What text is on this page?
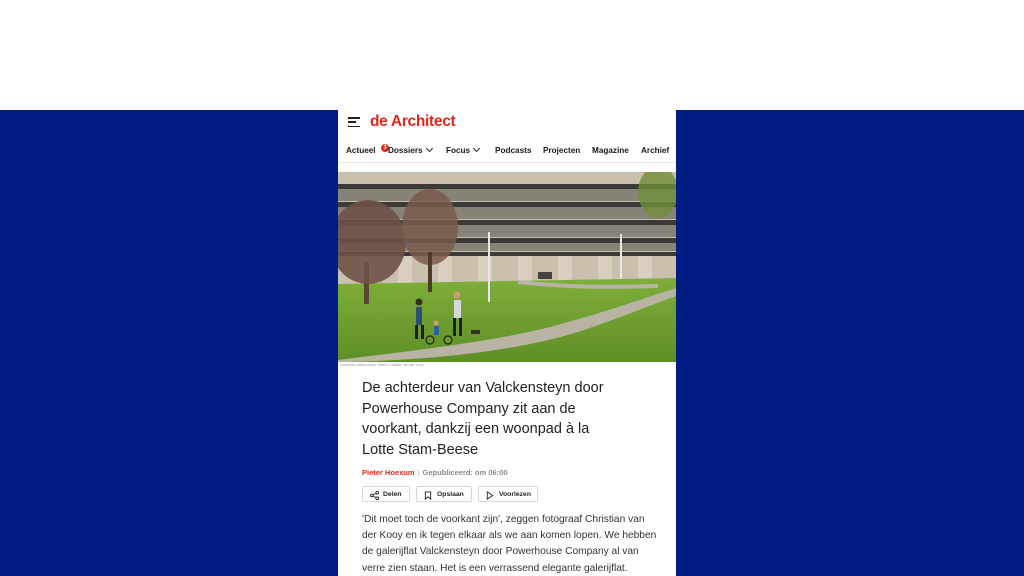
de Architect
Actueel	3 Dossiers	Focus	Podcasts Projecten Magazine Archief
Galerijflat Valckensteyn. Beeld Christian van der Kooy
De achterdeur van Valckensteyn door Powerhouse Company zit aan de voorkant, dankzij een woonpad à la Lotte Stam-Beese
Pieter Hoexum | Gepubliceerd: om 06:00
Delen	Opslaan	Voorlezen
'Dit moet toch de voorkant zijn', zeggen fotograaf Christian van der Kooy en ik tegen elkaar als we aan komen lopen. We hebben de galerijflat Valckensteyn door Powerhouse Company al van verre zien staan. Het is een verrassend elegante galerijflat.
